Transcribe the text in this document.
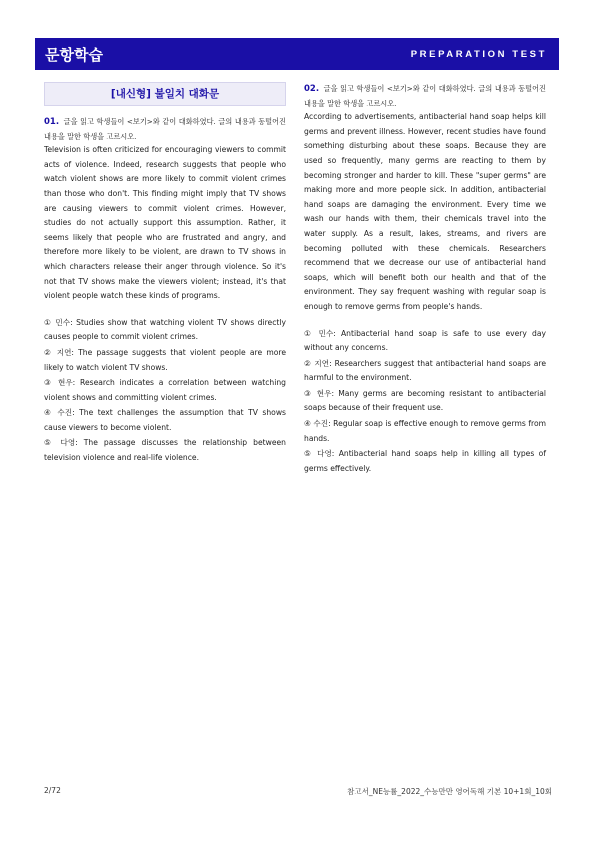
문항학습	PREPARATION TEST
[내신형] 불일치 대화문
01. 글을 읽고 학생들이 <보기>와 같이 대화하였다. 글의 내용과 동떨어진 내용을 말한 학생을 고르시오.

Television is often criticized for encouraging viewers to commit acts of violence. Indeed, research suggests that people who watch violent shows are more likely to commit violent crimes than those who don't. This finding might imply that TV shows are causing viewers to commit violent crimes. However, studies do not actually support this assumption. Rather, it seems likely that people who are frustrated and angry, and therefore more likely to be violent, are drawn to TV shows in which characters release their anger through violence. So it's not that TV shows make the viewers violent; instead, it's that violent people watch these kinds of programs.

① 민수: Studies show that watching violent TV shows directly causes people to commit violent crimes.

② 지연: The passage suggests that violent people are more likely to watch violent TV shows.

③ 현우: Research indicates a correlation between watching violent shows and committing violent crimes.

④ 수진: The text challenges the assumption that TV shows cause viewers to become violent.

⑤ 다영: The passage discusses the relationship between television violence and real-life violence.

02. 글을 읽고 학생들이 <보기>와 같이 대화하였다. 글의 내용과 동떨어진 내용을 말한 학생을 고르시오.

According to advertisements, antibacterial hand soap helps kill germs and prevent illness. However, recent studies have found something disturbing about these soaps. Because they are used so frequently, many germs are reacting to them by becoming stronger and harder to kill. These "super germs" are making more and more people sick. In addition, antibacterial hand soaps are damaging the environment. Every time we wash our hands with them, their chemicals travel into the water supply. As a result, lakes, streams, and rivers are becoming polluted with these chemicals. Researchers recommend that we decrease our use of antibacterial hand soaps, which will benefit both our health and that of the environment. They say frequent washing with regular soap is enough to remove germs from people's hands.

① 민수: Antibacterial hand soap is safe to use every day without any concerns.

② 지연: Researchers suggest that antibacterial hand soaps are harmful to the environment.

③ 현우: Many germs are becoming resistant to antibacterial soaps because of their frequent use.

④ 수진: Regular soap is effective enough to remove germs from hands.

⑤ 다영: Antibacterial hand soaps help in killing all types of germs effectively.

2/72	참고서_NE능률_2022_수능만만 영어독해 기본 10+1회_10회
